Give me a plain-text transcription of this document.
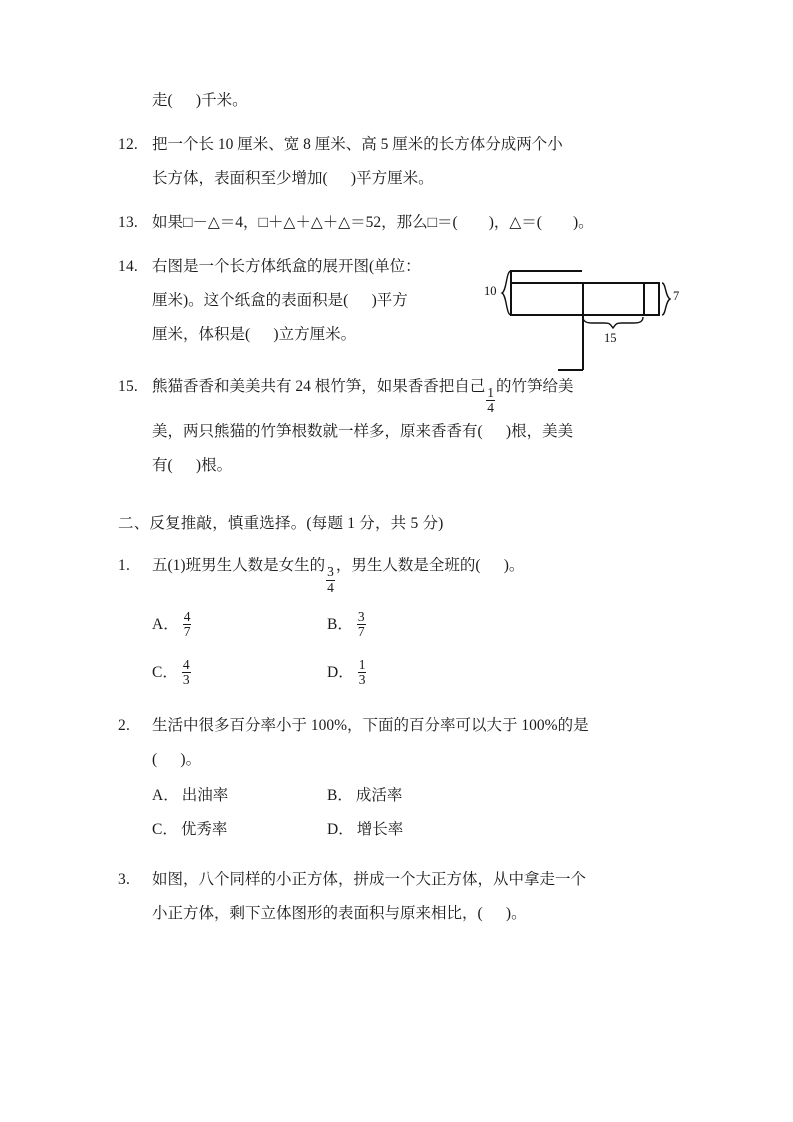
走( )千米。
12. 把一个长 10 厘米、宽 8 厘米、高 5 厘米的长方体分成两个小
长方体，表面积至少增加( )平方厘米。
13. 如果□－△＝4，□＋△＋△＋△＝52，那么□＝( )，△＝( )。
14. 右图是一个长方体纸盒的展开图(单位：
厘米)。这个纸盒的表面积是( )平方
厘米，体积是( )立方厘米。
15. 熊猫香香和美美共有 24 根竹笋，如果香香把自己 $\frac{1}{4}$ 的竹笋给美
美，两只熊猫的竹笋根数就一样多，原来香香有( )根，美美
有( )根。
二、反复推敲，慎重选择。(每题 1 分，共 5 分)
1.	五(1)班男生人数是女生的 $\frac{3}{4}$ ，男生人数是全班的( )。
A． $\frac{4}{7}$	B． $\frac{3}{7}$
C． $\frac{4}{3}$	D． $\frac{1}{3}$
2.	生活中很多百分率小于 100%，下面的百分率可以大于 100%的是
( )。
A． 出油率	B． 成活率
C． 优秀率	D． 增长率
3.	如图，八个同样的小正方体，拼成一个大正方体，从中拿走一个
小正方体，剩下立体图形的表面积与原来相比，( )。
10	7
15
